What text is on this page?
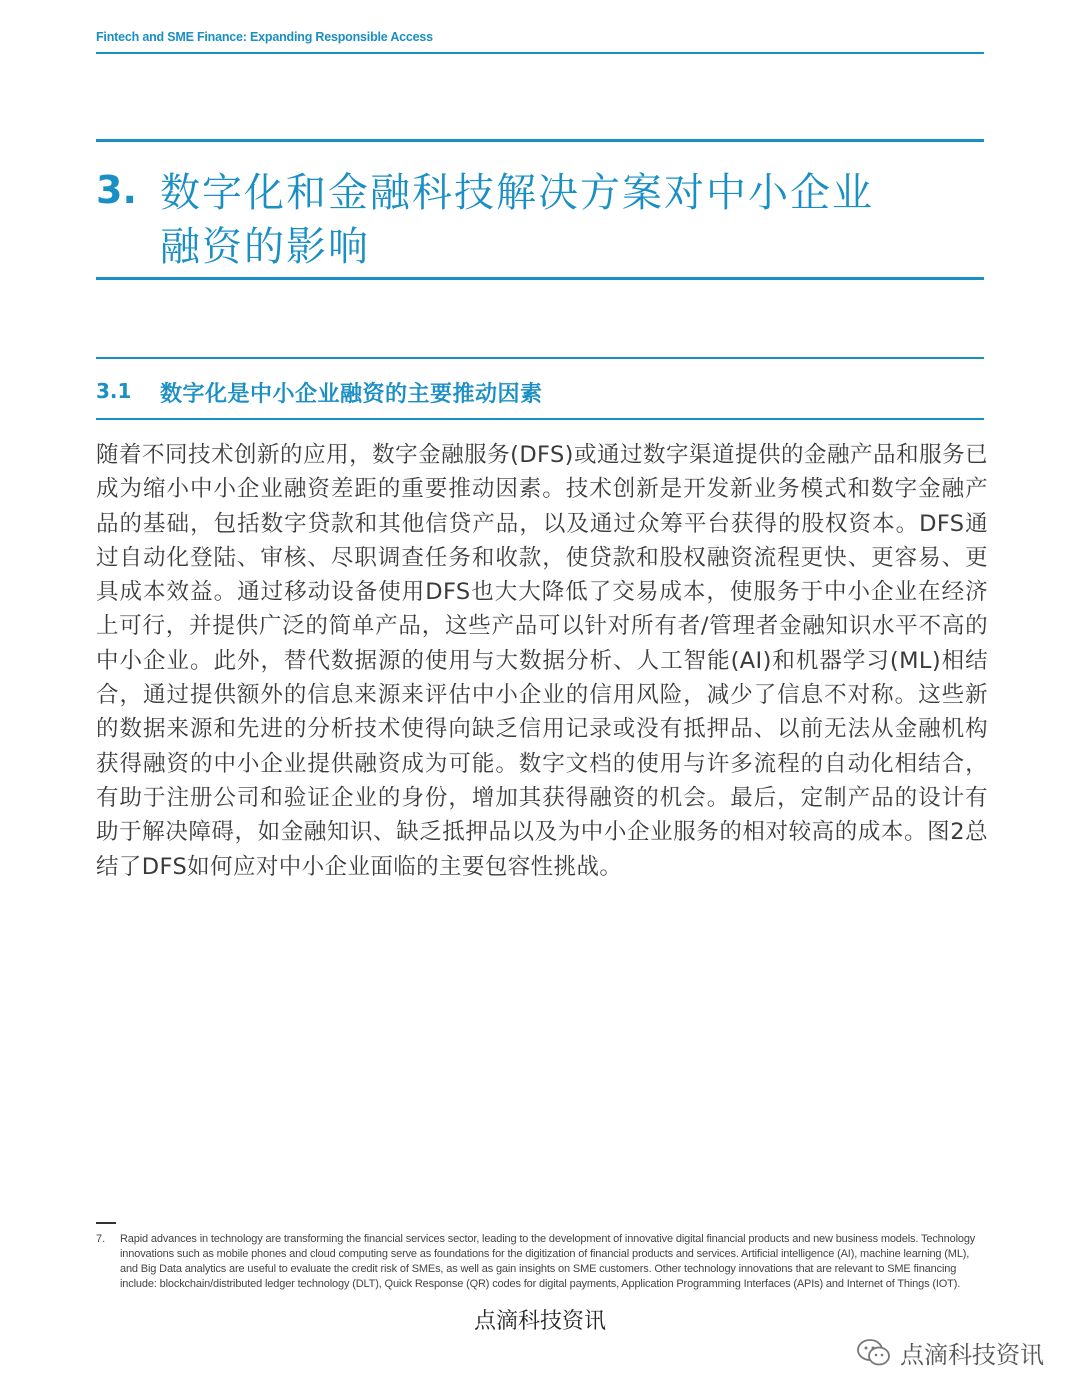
Fintech and SME Finance: Expanding Responsible Access
3. 数字化和金融科技解决方案对中小企业融资的影响
3.1 数字化是中小企业融资的主要推动因素
随着不同技术创新的应用，数字金融服务(DFS)或通过数字渠道提供的金融产品和服务已成为缩小中小企业融资差距的重要推动因素。技术创新是开发新业务模式和数字金融产品的基础，包括数字贷款和其他信贷产品，以及通过众筹平台获得的股权资本。DFS通过自动化登陆、审核、尽职调查任务和收款，使贷款和股权融资流程更快、更容易、更具成本效益。通过移动设备使用DFS也大大降低了交易成本，使服务于中小企业在经济上可行，并提供广泛的简单产品，这些产品可以针对所有者/管理者金融知识水平不高的中小企业。此外，替代数据源的使用与大数据分析、人工智能(AI)和机器学习(ML)相结合，通过提供额外的信息来源来评估中小企业的信用风险，减少了信息不对称。这些新的数据来源和先进的分析技术使得向缺乏信用记录或没有抵押品、以前无法从金融机构获得融资的中小企业提供融资成为可能。数字文档的使用与许多流程的自动化相结合，有助于注册公司和验证企业的身份，增加其获得融资的机会。最后，定制产品的设计有助于解决障碍，如金融知识、缺乏抵押品以及为中小企业服务的相对较高的成本。图2总结了DFS如何应对中小企业面临的主要包容性挑战。
7. Rapid advances in technology are transforming the financial services sector, leading to the development of innovative digital financial products and new business models. Technology innovations such as mobile phones and cloud computing serve as foundations for the digitization of financial products and services. Artificial intelligence (AI), machine learning (ML), and Big Data analytics are useful to evaluate the credit risk of SMEs, as well as gain insights on SME customers. Other technology innovations that are relevant to SME financing include: blockchain/distributed ledger technology (DLT), Quick Response (QR) codes for digital payments, Application Programming Interfaces (APIs) and Internet of Things (IOT).
点滴科技资讯
点滴科技资讯
